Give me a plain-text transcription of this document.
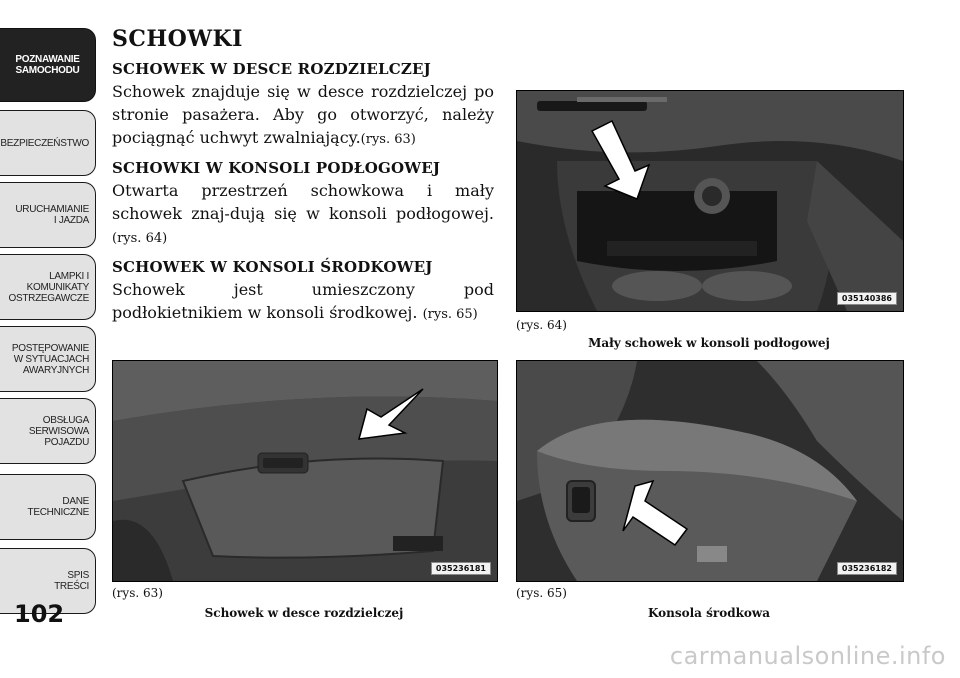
POZNAWANIE
SAMOCHODU
BEZPIECZEŃSTWO
URUCHAMIANIE
I JAZDA
LAMPKI I
KOMUNIKATY
OSTRZEGAWCZE
POSTĘPOWANIE
W SYTUACJACH
AWARYJNYCH
OBSŁUGA
SERWISOWA
POJAZDU
DANE
TECHNICZNE
SPIS
TREŚCI
102
SCHOWKI
SCHOWEK W DESCE ROZDZIELCZEJ

Schowek znajduje się w desce rozdzielczej po stronie pasażera. Aby go otworzyć, należy pociągnąć uchwyt zwalniający.(rys. 63)

SCHOWKI W KONSOLI PODŁOGOWEJ

Otwarta przestrzeń schowkowa i mały schowek znaj-dują się w konsoli podłogowej.(rys. 64)

SCHOWEK W KONSOLI ŚRODKOWEJ

Schowek jest umieszczony pod podłokietnikiem w konsoli środkowej. (rys. 65)

035140386
(rys. 64)
Mały schowek w konsoli podłogowej
035236181
(rys. 63)
Schowek w desce rozdzielczej
035236182
(rys. 65)
Konsola środkowa
carmanualsonline.info
